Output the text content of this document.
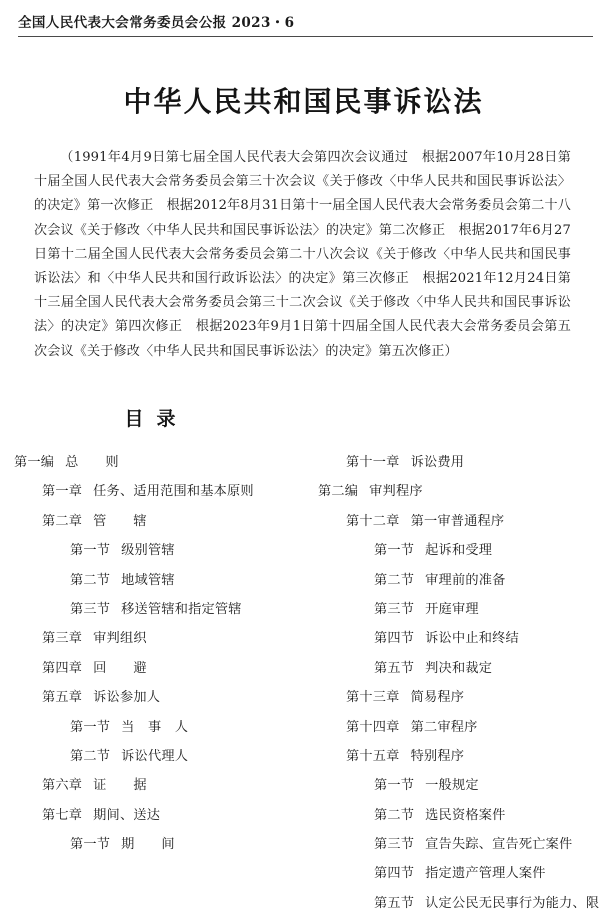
全国人民代表大会常务委员会公报 2023・6
中华人民共和国民事诉讼法
（1991年4月9日第七届全国人民代表大会第四次会议通过　根据2007年10月28日第十届全国人民代表大会常务委员会第三十次会议《关于修改〈中华人民共和国民事诉讼法〉的决定》第一次修正　根据2012年8月31日第十一届全国人民代表大会常务委员会第二十八次会议《关于修改〈中华人民共和国民事诉讼法〉的决定》第二次修正　根据2017年6月27日第十二届全国人民代表大会常务委员会第二十八次会议《关于修改〈中华人民共和国民事诉讼法〉和〈中华人民共和国行政诉讼法〉的决定》第三次修正　根据2021年12月24日第十三届全国人民代表大会常务委员会第三十二次会议《关于修改〈中华人民共和国民事诉讼法〉的决定》第四次修正　根据2023年9月1日第十四届全国人民代表大会常务委员会第五次会议《关于修改〈中华人民共和国民事诉讼法〉的决定》第五次修正）
目录
第一编 总　　则
第一章 任务、适用范围和基本原则
第二章 管　　辖
第一节 级别管辖
第二节 地域管辖
第三节 移送管辖和指定管辖
第三章 审判组织
第四章 回　　避
第五章 诉讼参加人
第一节 当　事　人
第二节 诉讼代理人
第六章 证　　据
第七章 期间、送达
第一节 期　　间
第十一章 诉讼费用
第二编 审判程序
第十二章 第一审普通程序
第一节 起诉和受理
第二节 审理前的准备
第三节 开庭审理
第四节 诉讼中止和终结
第五节 判决和裁定
第十三章 简易程序
第十四章 第二审程序
第十五章 特别程序
第一节 一般规定
第二节 选民资格案件
第三节 宣告失踪、宣告死亡案件
第四节 指定遗产管理人案件
第五节 认定公民无民事行为能力、限
